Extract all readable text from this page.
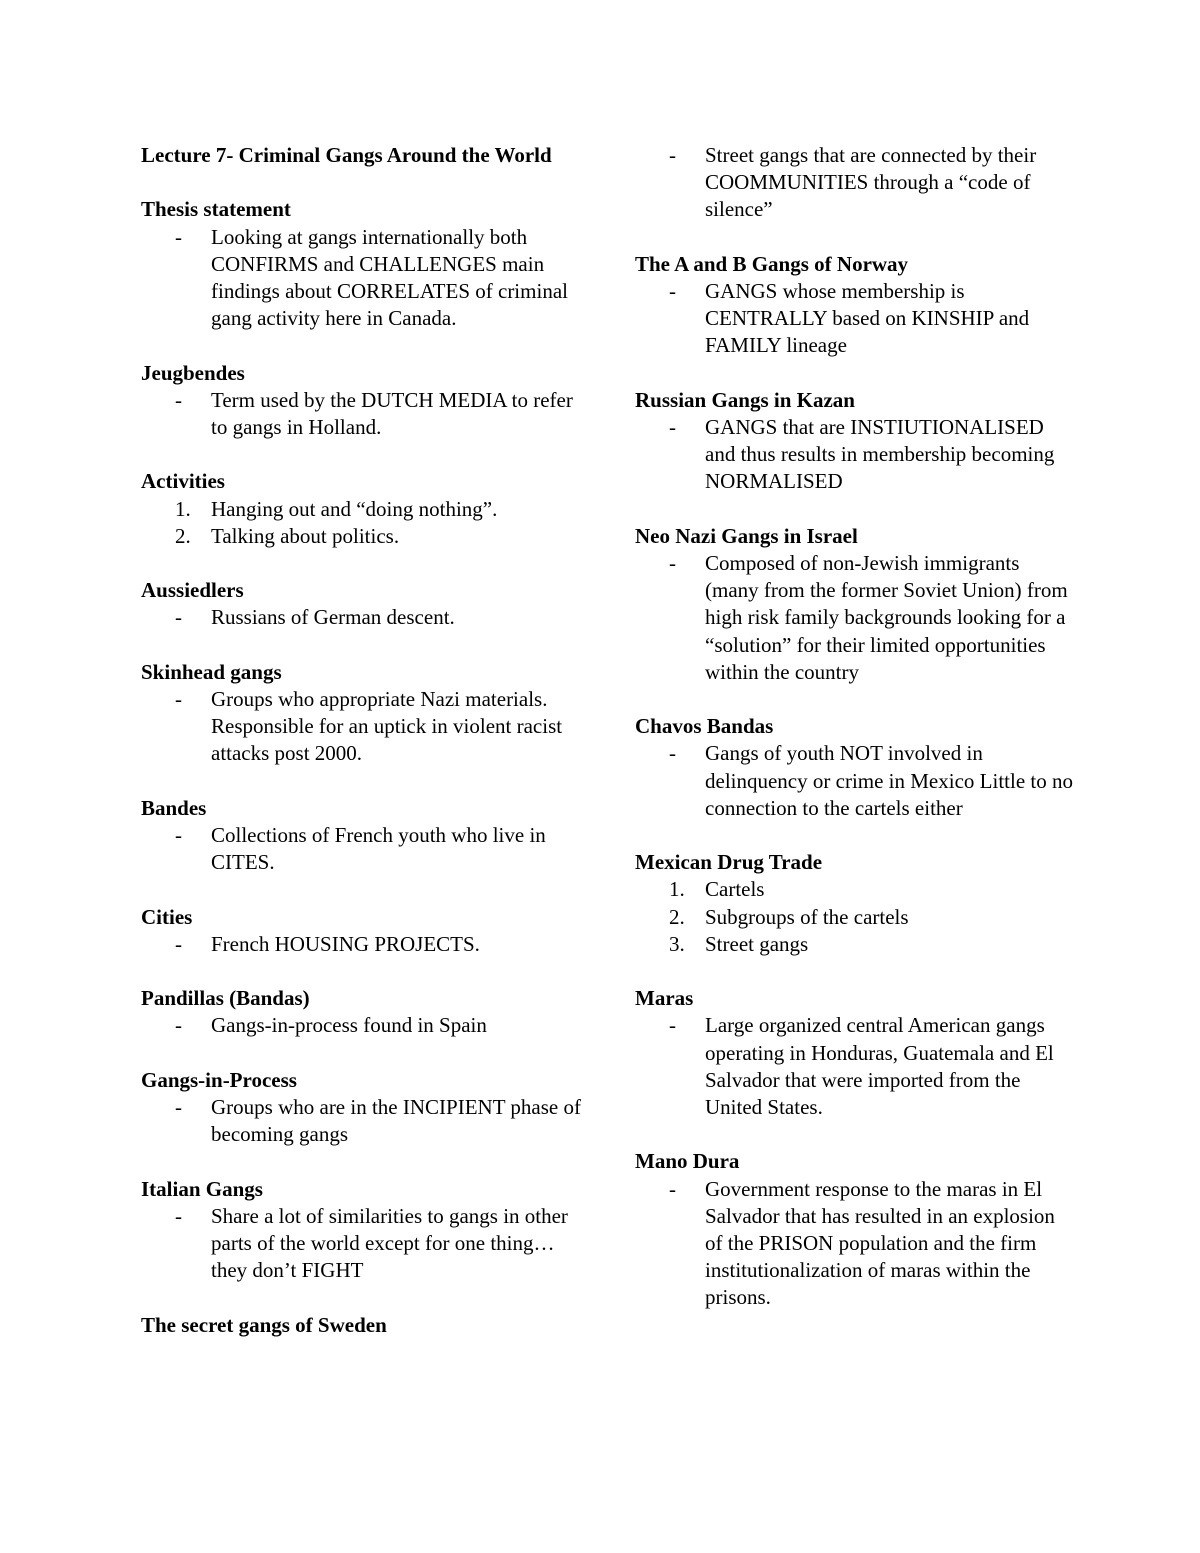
Lecture 7- Criminal Gangs Around the World
Thesis statement
-	Looking at gangs internationally both CONFIRMS and CHALLENGES main findings about CORRELATES of criminal gang activity here in Canada.
Jeugbendes
-	Term used by the DUTCH MEDIA to refer to gangs in Holland.
Activities
1. Hanging out and “doing nothing”.
2. Talking about politics.
Aussiedlers
-	Russians of German descent.
Skinhead gangs
-	Groups who appropriate Nazi materials. Responsible for an uptick in violent racist attacks post 2000.
Bandes
-	Collections of French youth who live in CITES.
Cities
-	French HOUSING PROJECTS.
Pandillas (Bandas)
-	Gangs-in-process found in Spain
Gangs-in-Process
-	Groups who are in the INCIPIENT phase of becoming gangs
Italian Gangs
-	Share a lot of similarities to gangs in other parts of the world except for one thing… they don’t FIGHT
The secret gangs of Sweden
-	Street gangs that are connected by their COOMMUNITIES through a “code of silence”
The A and B Gangs of Norway
-	GANGS whose membership is CENTRALLY based on KINSHIP and FAMILY lineage
Russian Gangs in Kazan
-	GANGS that are INSTIUTIONALISED and thus results in membership becoming NORMALISED
Neo Nazi Gangs in Israel
-	Composed of non-Jewish immigrants (many from the former Soviet Union) from high risk family backgrounds looking for a “solution” for their limited opportunities within the country
Chavos Bandas
-	Gangs of youth NOT involved in delinquency or crime in Mexico Little to no connection to the cartels either
Mexican Drug Trade
1. Cartels
2. Subgroups of the cartels
3. Street gangs
Maras
-	Large organized central American gangs operating in Honduras, Guatemala and El Salvador that were imported from the United States.
Mano Dura
-	Government response to the maras in El Salvador that has resulted in an explosion of the PRISON population and the firm institutionalization of maras within the prisons.
